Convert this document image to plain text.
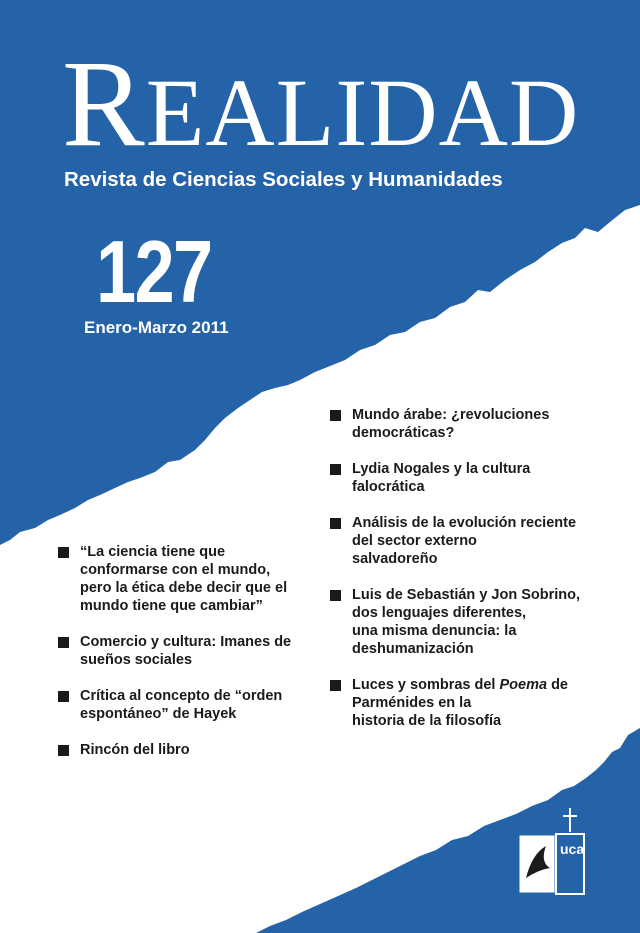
REALIDAD
Revista de Ciencias Sociales y Humanidades
127
Enero-Marzo 2011
“La ciencia tiene que
conformarse con el mundo,
pero la ética debe decir que el
mundo tiene que cambiar”
Comercio y cultura: Imanes de
sueños sociales
Crítica al concepto de “orden
espontáneo” de Hayek
Rincón del libro
Mundo árabe: ¿revoluciones
democráticas?
Lydia Nogales y la cultura
falocrática
Análisis de la evolución reciente
del sector externo
salvadoreño
Luis de Sebastián y Jon Sobrino,
dos lenguajes diferentes,
una misma denuncia: la
deshumanización
Luces y sombras del Poema de
Parménides en la
historia de la filosofía
uca
